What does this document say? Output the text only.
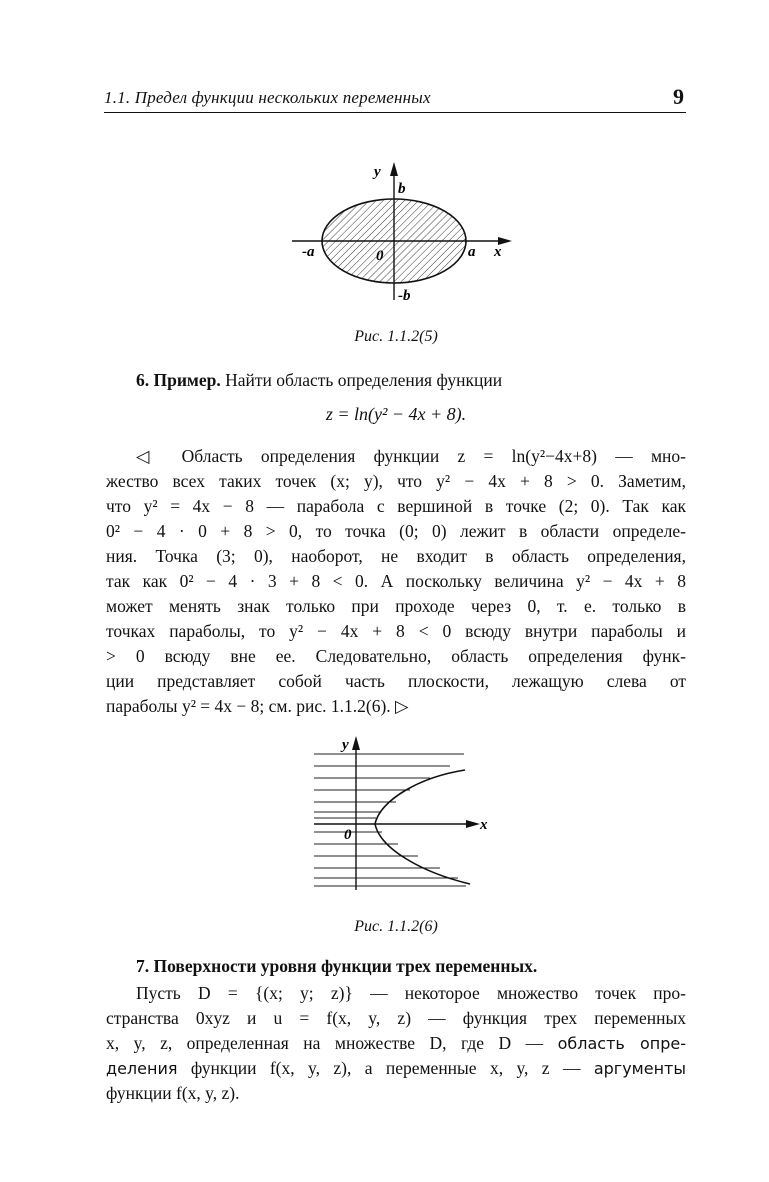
1.1. Предел функции нескольких переменных	9
y
b
-a	0	a x
-b
Рис. 1.1.2(5)
6. Пример. Найти область определения функции
z = ln(y² − 4x + 8).
◁ Область определения функции z = ln(y²−4x+8) — мно-
жество всех таких точек (x; y), что y² − 4x + 8 > 0. Заметим,
что y² = 4x − 8 — парабола с вершиной в точке (2; 0). Так как
0² − 4 · 0 + 8 > 0, то точка (0; 0) лежит в области определе-
ния. Точка (3; 0), наоборот, не входит в область определения,
так как 0² − 4 · 3 + 8 < 0. А поскольку величина y² − 4x + 8
может менять знак только при проходе через 0, т. е. только в
точках параболы, то y² − 4x + 8 < 0 всюду внутри параболы и
> 0 всюду вне ее. Следовательно, область определения функ-
ции представляет собой часть плоскости, лежащую слева от
параболы y² = 4x − 8; см. рис. 1.1.2(6). ▷
y
0
x
Рис. 1.1.2(6)
7. Поверхности уровня функции трех переменных.
Пусть D = {(x; y; z)} — некоторое множество точек про-
странства 0xyz и u = f(x, y, z) — функция трех переменных
x, y, z, определенная на множестве D, где D — область опре-
деления функции f(x, y, z), а переменные x, y, z — аргументы
функции f(x, y, z).
